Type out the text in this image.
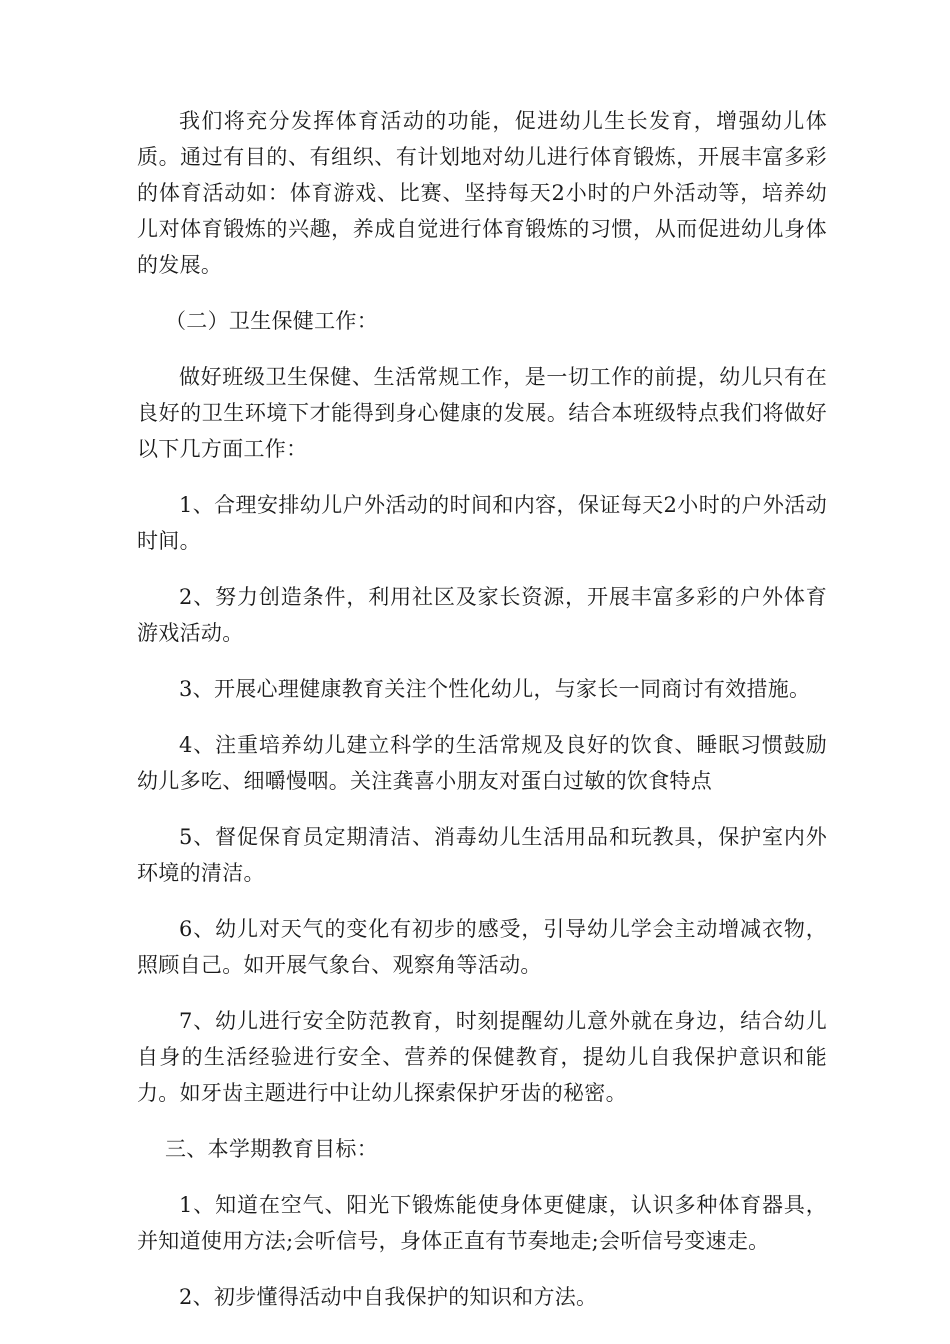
我们将充分发挥体育活动的功能，促进幼儿生长发育，增强幼儿体质。通过有目的、有组织、有计划地对幼儿进行体育锻炼，开展丰富多彩的体育活动如：体育游戏、比赛、坚持每天2小时的户外活动等，培养幼儿对体育锻炼的兴趣，养成自觉进行体育锻炼的习惯，从而促进幼儿身体的发展。

（二）卫生保健工作：

做好班级卫生保健、生活常规工作，是一切工作的前提，幼儿只有在良好的卫生环境下才能得到身心健康的发展。结合本班级特点我们将做好以下几方面工作：

1、合理安排幼儿户外活动的时间和内容，保证每天2小时的户外活动时间。

2、努力创造条件，利用社区及家长资源，开展丰富多彩的户外体育游戏活动。

3、开展心理健康教育关注个性化幼儿，与家长一同商讨有效措施。

4、注重培养幼儿建立科学的生活常规及良好的饮食、睡眠习惯鼓励幼儿多吃、细嚼慢咽。关注龚喜小朋友对蛋白过敏的饮食特点

5、督促保育员定期清洁、消毒幼儿生活用品和玩教具，保护室内外环境的清洁。

6、幼儿对天气的变化有初步的感受，引导幼儿学会主动增减衣物，照顾自己。如开展气象台、观察角等活动。

7、幼儿进行安全防范教育，时刻提醒幼儿意外就在身边，结合幼儿自身的生活经验进行安全、营养的保健教育，提幼儿自我保护意识和能力。如牙齿主题进行中让幼儿探索保护牙齿的秘密。

三、本学期教育目标：

1、知道在空气、阳光下锻炼能使身体更健康，认识多种体育器具，并知道使用方法;会听信号，身体正直有节奏地走;会听信号变速走。

2、初步懂得活动中自我保护的知识和方法。
